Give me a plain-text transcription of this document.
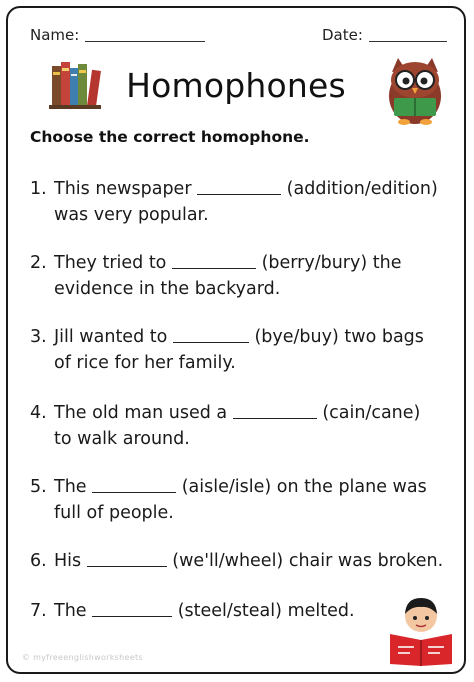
Name:	Date:
Homophones
Choose the correct homophone.
1. This newspaper	(addition/edition)
was very popular.
2. They tried to	(berry/bury) the
evidence in the backyard.
3. Jill wanted to	(bye/buy) two bags
of rice for her family.
4. The old man used a	(cain/cane)
to walk around.
5. The	(aisle/isle) on the plane was
full of people.
6. His	(we'll/wheel) chair was broken.
7. The	(steel/steal) melted.
© myfreeenglishworksheets
